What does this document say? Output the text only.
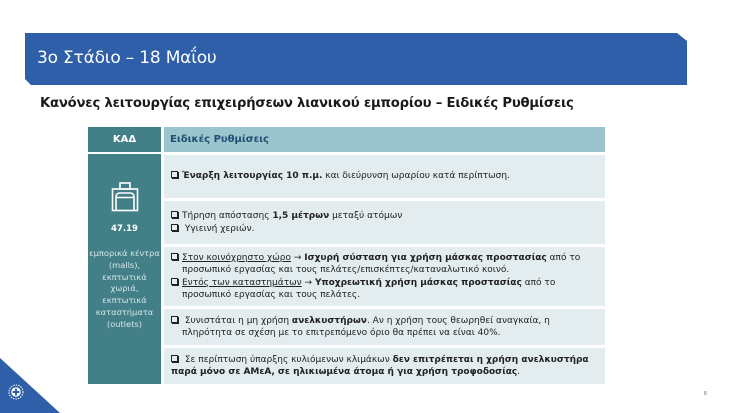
3ο Στάδιο – 18 Μαΐου
Κανόνες λειτουργίας επιχειρήσεων λιανικού εμπορίου – Ειδικές Ρυθμίσεις
ΚΑΔ
47.19
εμπορικά κέντρα (malls), εκπτωτικά χωριά, εκπτωτικά καταστήματα (outlets)
Ειδικές Ρυθμίσεις
Έναρξη λειτουργίας 10 π.μ. και διεύρυνση ωραρίου κατά περίπτωση.
Τήρηση απόστασης 1,5 μέτρων μεταξύ ατόμων
Υγιεινή χεριών.
Στον κοινόχρηστο χώρο → Ισχυρή σύσταση για χρήση μάσκας προστασίας από το
προσωπικό εργασίας και τους πελάτες/επισκέπτες/καταναλωτικό κοινό.
Εντός των καταστημάτων → Υποχρεωτική χρήση μάσκας προστασίας από το
προσωπικό εργασίας και τους πελάτες.
Συνιστάται η μη χρήση ανελκυστήρων. Αν η χρήση τους θεωρηθεί αναγκαία, η
πληρότητα σε σχέση με το επιτρεπόμενο όριο θα πρέπει να είναι 40%.
Σε περίπτωση ύπαρξης κυλιόμενων κλιμάκων δεν επιτρέπεται η χρήση ανελκυστήρα
παρά μόνο σε ΑΜεΑ, σε ηλικιωμένα άτομα ή για χρήση τροφοδοσίας.
8
